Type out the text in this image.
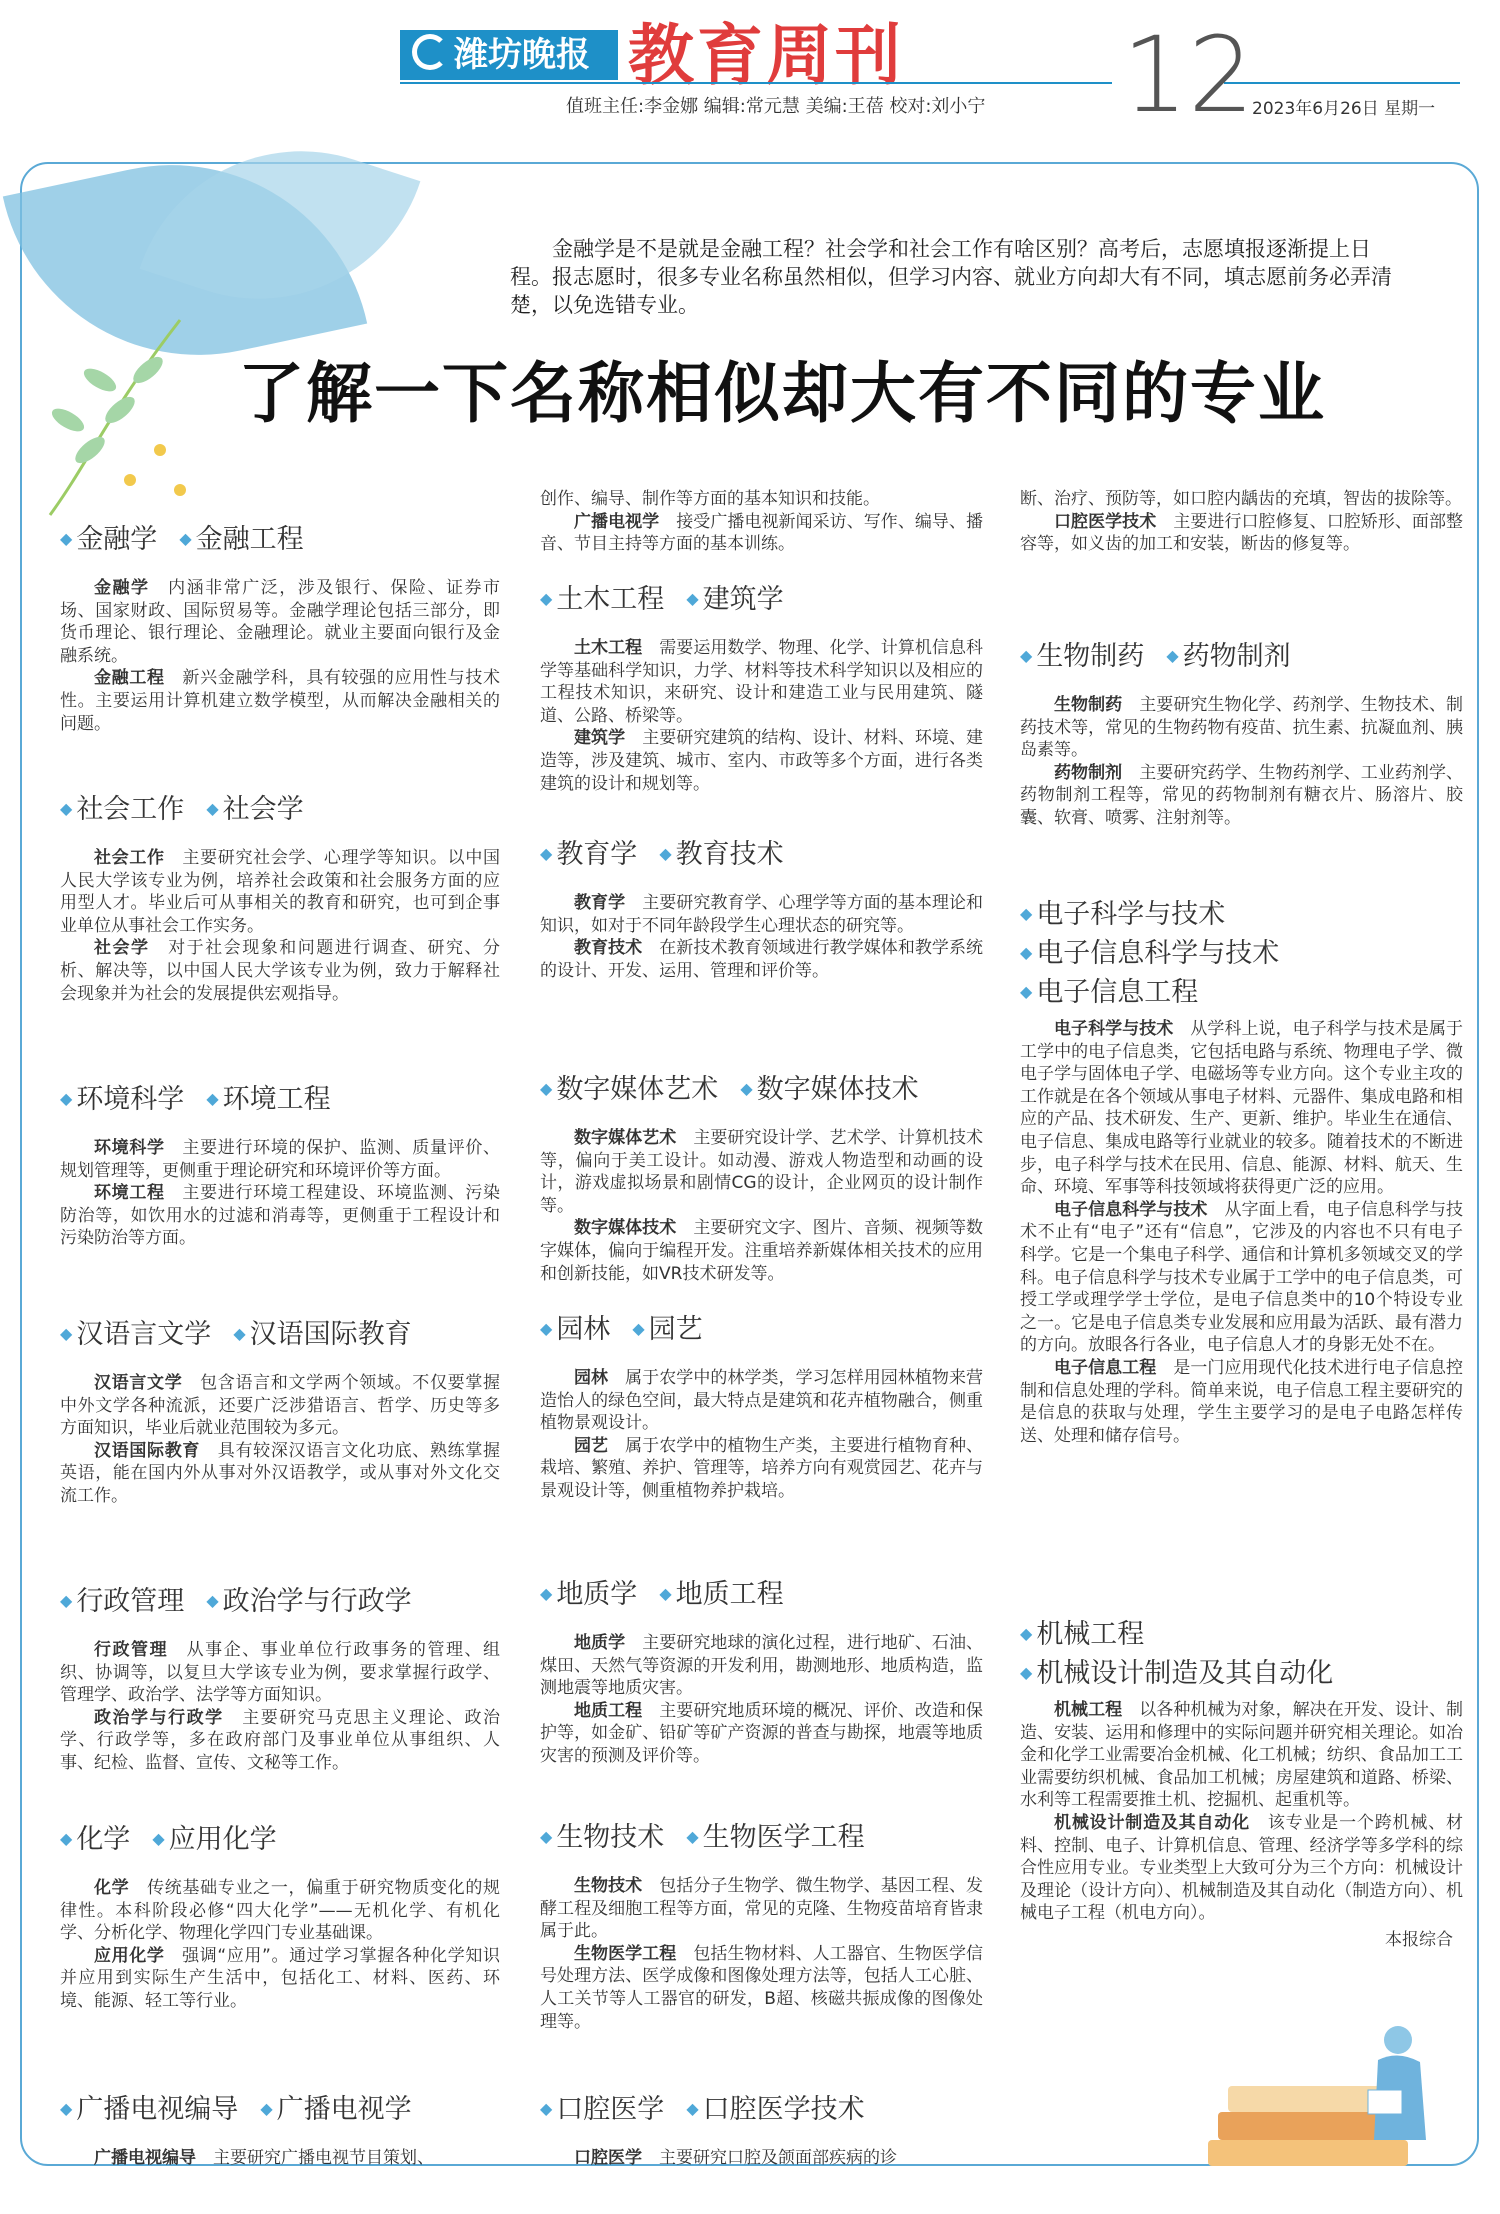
潍坊晚报 教育周刊
值班主任:李金娜 编辑:常元慧 美编:王蓓 校对:刘小宁 12
2023年6月26日 星期一

金融学是不是就是金融工程？社会学和社会工作有啥区别？高考后，志愿填报逐渐提上日程。报志愿时，很多专业名称虽然相似，但学习内容、就业方向却大有不同，填志愿前务必弄清楚，以免选错专业。

了解一下名称相似却大有不同的专业
◆ 金融学 ◆ 金融工程

金融学　 内涵非常广泛，涉及银行、保险、证券市场、国家财政、国际贸易等。金融学理论包括三部分，即货币理论、银行理论、金融理论。就业主要面向银行及金融系统。

金融工程　 新兴金融学科，具有较强的应用性与技术性。主要运用计算机建立数学模型，从而解决金融相关的问题。

◆ 社会工作 ◆ 社会学

社会工作　 主要研究社会学、心理学等知识。以中国人民大学该专业为例，培养社会政策和社会服务方面的应用型人才。毕业后可从事相关的教育和研究，也可到企事业单位从事社会工作实务。

社会学　 对于社会现象和问题进行调查、研究、分析、解决等，以中国人民大学该专业为例，致力于解释社会现象并为社会的发展提供宏观指导。

◆ 环境科学 ◆ 环境工程

环境科学　 主要进行环境的保护、监测、质量评价、规划管理等，更侧重于理论研究和环境评价等方面。

环境工程　 主要进行环境工程建设、环境监测、污染防治等，如饮用水的过滤和消毒等，更侧重于工程设计和污染防治等方面。

◆ 汉语言文学 ◆ 汉语国际教育

汉语言文学　 包含语言和文学两个领域。不仅要掌握中外文学各种流派，还要广泛涉猎语言、哲学、历史等多方面知识，毕业后就业范围较为多元。

汉语国际教育　 具有较深汉语言文化功底、熟练掌握英语，能在国内外从事对外汉语教学，或从事对外文化交流工作。

◆ 行政管理 ◆ 政治学与行政学

行政管理　 从事企、事业单位行政事务的管理、组织、协调等，以复旦大学该专业为例，要求掌握行政学、管理学、政治学、法学等方面知识。

政治学与行政学　 主要研究马克思主义理论、政治学、行政学等，多在政府部门及事业单位从事组织、人事、纪检、监督、宣传、文秘等工作。

◆ 化学 ◆ 应用化学

化学　 传统基础专业之一，偏重于研究物质变化的规律性。本科阶段必修“四大化学”——无机化学、有机化学、分析化学、物理化学四门专业基础课。

应用化学　 强调“应用”。通过学习掌握各种化学知识并应用到实际生产生活中，包括化工、材料、医药、环境、能源、轻工等行业。

◆ 广播电视编导 ◆ 广播电视学

广播电视编导　 主要研究广播电视节目策划、

创作、编导、制作等方面的基本知识和技能。

广播电视学　 接受广播电视新闻采访、写作、编导、播音、节目主持等方面的基本训练。

◆ 土木工程 ◆ 建筑学

土木工程　 需要运用数学、物理、化学、计算机信息科学等基础科学知识，力学、材料等技术科学知识以及相应的工程技术知识，来研究、设计和建造工业与民用建筑、隧道、公路、桥梁等。

建筑学　 主要研究建筑的结构、设计、材料、环境、建造等，涉及建筑、城市、室内、市政等多个方面，进行各类建筑的设计和规划等。

◆ 教育学 ◆ 教育技术

教育学　 主要研究教育学、心理学等方面的基本理论和知识，如对于不同年龄段学生心理状态的研究等。

教育技术　 在新技术教育领域进行教学媒体和教学系统的设计、开发、运用、管理和评价等。

◆ 数字媒体艺术 ◆ 数字媒体技术

数字媒体艺术　 主要研究设计学、艺术学、计算机技术等，偏向于美工设计。如动漫、游戏人物造型和动画的设计，游戏虚拟场景和剧情CG的设计，企业网页的设计制作等。

数字媒体技术　 主要研究文字、图片、音频、视频等数字媒体，偏向于编程开发。注重培养新媒体相关技术的应用和创新技能，如VR技术研发等。

◆ 园林 ◆ 园艺

园林　 属于农学中的林学类，学习怎样用园林植物来营造怡人的绿色空间，最大特点是建筑和花卉植物融合，侧重植物景观设计。

园艺　 属于农学中的植物生产类，主要进行植物育种、栽培、繁殖、养护、管理等，培养方向有观赏园艺、花卉与景观设计等，侧重植物养护栽培。

◆ 地质学 ◆ 地质工程

地质学　 主要研究地球的演化过程，进行地矿、石油、煤田、天然气等资源的开发利用，勘测地形、地质构造，监测地震等地质灾害。

地质工程　 主要研究地质环境的概况、评价、改造和保护等，如金矿、铅矿等矿产资源的普查与勘探，地震等地质灾害的预测及评价等。

◆ 生物技术 ◆ 生物医学工程

生物技术　 包括分子生物学、微生物学、基因工程、发酵工程及细胞工程等方面，常见的克隆、生物疫苗培育皆隶属于此。

生物医学工程　 包括生物材料、人工器官、生物医学信号处理方法、医学成像和图像处理方法等，包括人工心脏、人工关节等人工器官的研发，B超、核磁共振成像的图像处理等。

◆ 口腔医学 ◆ 口腔医学技术

口腔医学　 主要研究口腔及颌面部疾病的诊

断、治疗、预防等，如口腔内龋齿的充填，智齿的拔除等。

口腔医学技术　 主要进行口腔修复、口腔矫形、面部整容等，如义齿的加工和安装，断齿的修复等。

◆ 生物制药 ◆ 药物制剂

生物制药　 主要研究生物化学、药剂学、生物技术、制药技术等，常见的生物药物有疫苗、抗生素、抗凝血剂、胰岛素等。

药物制剂　 主要研究药学、生物药剂学、工业药剂学、药物制剂工程等，常见的药物制剂有糖衣片、肠溶片、胶囊、软膏、喷雾、注射剂等。

◆ 电子科学与技术
◆ 电子信息科学与技术
◆ 电子信息工程

电子科学与技术　 从学科上说，电子科学与技术是属于工学中的电子信息类，它包括电路与系统、物理电子学、微电子学与固体电子学、电磁场等专业方向。这个专业主攻的工作就是在各个领域从事电子材料、元器件、集成电路和相应的产品、技术研发、生产、更新、维护。毕业生在通信、电子信息、集成电路等行业就业的较多。随着技术的不断进步，电子科学与技术在民用、信息、能源、材料、航天、生命、环境、军事等科技领域将获得更广泛的应用。

电子信息科学与技术　 从字面上看，电子信息科学与技术不止有“电子”还有“信息”，它涉及的内容也不只有电子科学。它是一个集电子科学、通信和计算机多领域交叉的学科。电子信息科学与技术专业属于工学中的电子信息类，可授工学或理学学士学位，是电子信息类中的10个特设专业之一。它是电子信息类专业发展和应用最为活跃、最有潜力的方向。放眼各行各业，电子信息人才的身影无处不在。

电子信息工程　 是一门应用现代化技术进行电子信息控制和信息处理的学科。简单来说，电子信息工程主要研究的是信息的获取与处理，学生主要学习的是电子电路怎样传送、处理和储存信号。

◆ 机械工程
◆ 机械设计制造及其自动化

机械工程　 以各种机械为对象，解决在开发、设计、制造、安装、运用和修理中的实际问题并研究相关理论。如冶金和化学工业需要冶金机械、化工机械；纺织、食品加工工业需要纺织机械、食品加工机械；房屋建筑和道路、桥梁、水利等工程需要推土机、挖掘机、起重机等。

机械设计制造及其自动化　 该专业是一个跨机械、材料、控制、电子、计算机信息、管理、经济学等多学科的综合性应用专业。专业类型上大致可分为三个方向：机械设计及理论（设计方向）、机械制造及其自动化（制造方向）、机械电子工程（机电方向）。

本报综合
